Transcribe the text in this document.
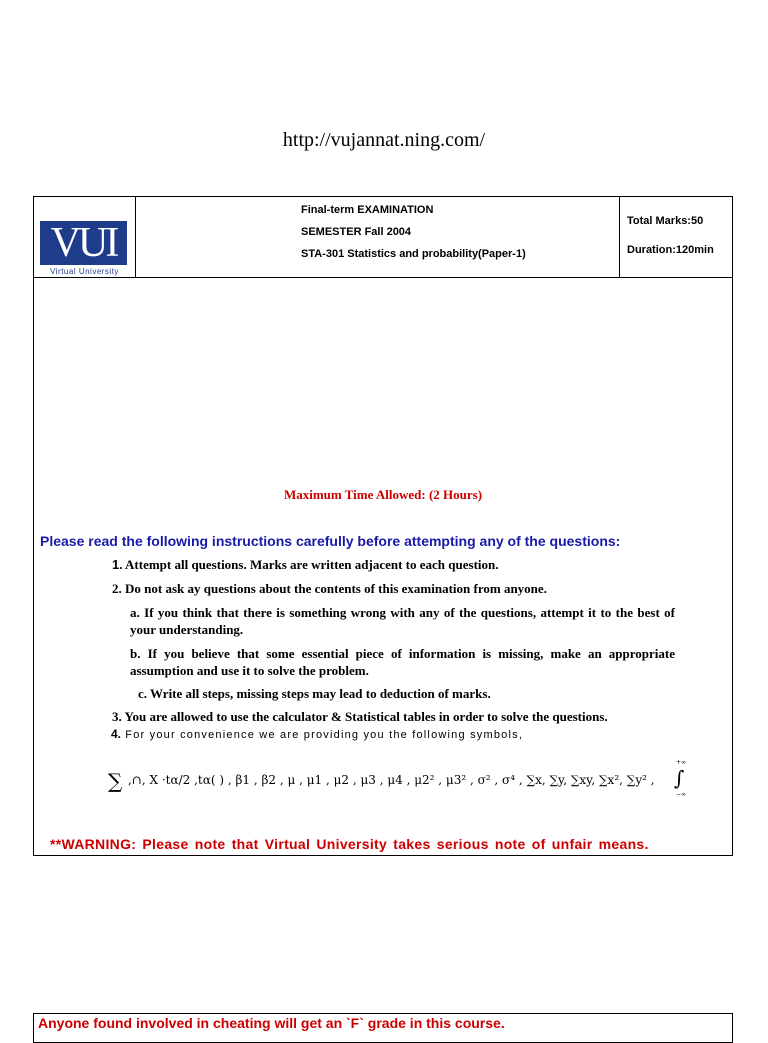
http://vujannat.ning.com/
VUI
Virtual University
Final-term EXAMINATION
SEMESTER Fall 2004
STA-301 Statistics and probability(Paper-1)
Total Marks:50
Duration:120min
Maximum Time Allowed: (2 Hours)
Please read the following instructions carefully before attempting any of the questions:
1. Attempt all questions. Marks are written adjacent to each question.
2. Do not ask ay questions about the contents of this examination from anyone.
a. If you think that there is something wrong with any of the questions, attempt it to the best of your understanding.
b. If you believe that some essential piece of information is missing, make an appropriate assumption and use it to solve the problem.
c. Write all steps, missing steps may lead to deduction of marks.
3. You are allowed to use the calculator & Statistical tables in order to solve the questions.
4. For your convenience we are providing you the following symbols,
∑ ,∩, X ·tα/2 ,tα( ) , β1 , β2 , μ , μ1 , μ2 , μ3 , μ4 , μ2² , μ3² , σ² , σ⁴ , ∑x, ∑y, ∑xy, ∑x², ∑y² ,
+∞
∫
−∞
**WARNING: Please note that Virtual University takes serious note of unfair means.
Anyone found involved in cheating will get an `F` grade in this course.
